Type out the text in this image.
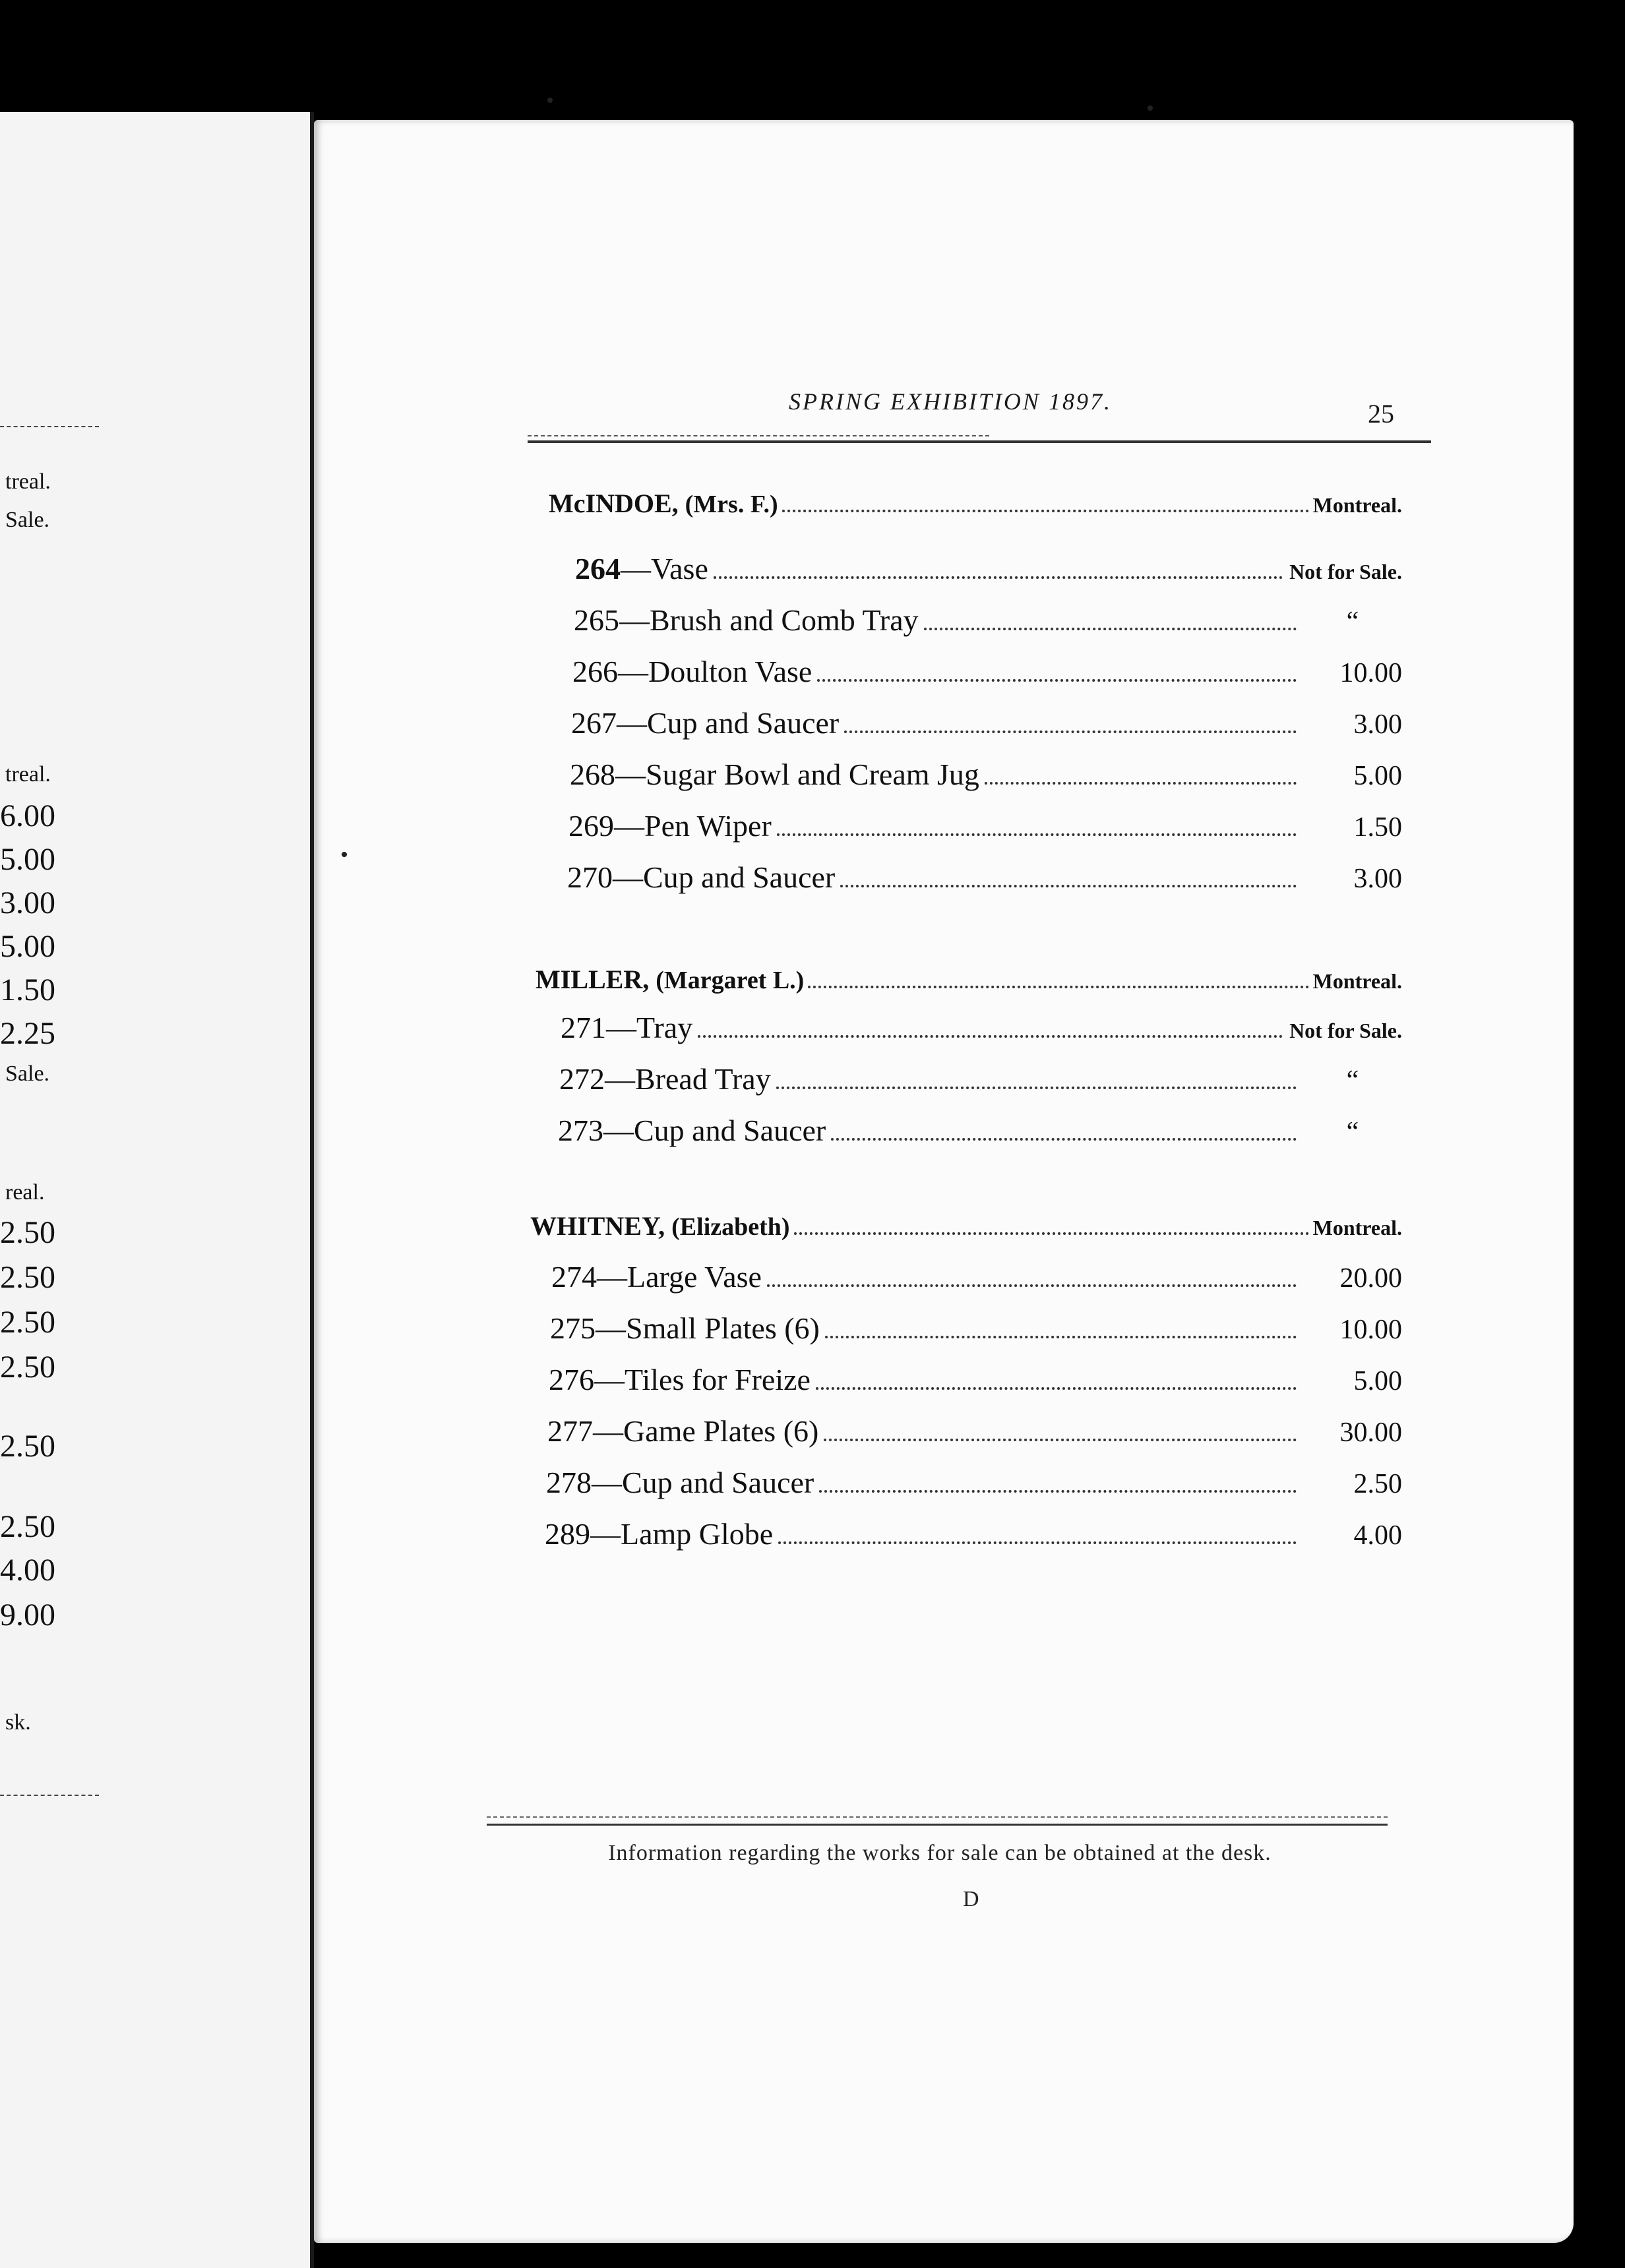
treal.
Sale.
treal.
6.00
5.00
3.00
5.00
1.50
2.25
Sale.
real.
2.50
2.50
2.50
2.50
2.50
2.50
4.00
9.00
sk.
SPRING EXHIBITION 1897.	25
McINDOE, (Mrs. F.)	Montreal.
264 — Vase	Not for Sale.
265 — Brush and Comb Tray	“
266 — Doulton Vase	10.00
267 — Cup and Saucer	3.00
268 — Sugar Bowl and Cream Jug	5.00
269 — Pen Wiper	1.50
270 — Cup and Saucer	3.00
MILLER, (Margaret L.)	Montreal.
271 — Tray	Not for Sale.
272 — Bread Tray	“
273 — Cup and Saucer	“
WHITNEY, (Elizabeth)	Montreal.
274 — Large Vase	20.00
275 — Small Plates (6)	10.00
276 — Tiles for Freize	5.00
277 — Game Plates (6)	30.00
278 — Cup and Saucer	2.50
289 — Lamp Globe	4.00
Information regarding the works for sale can be obtained at the desk.
D
